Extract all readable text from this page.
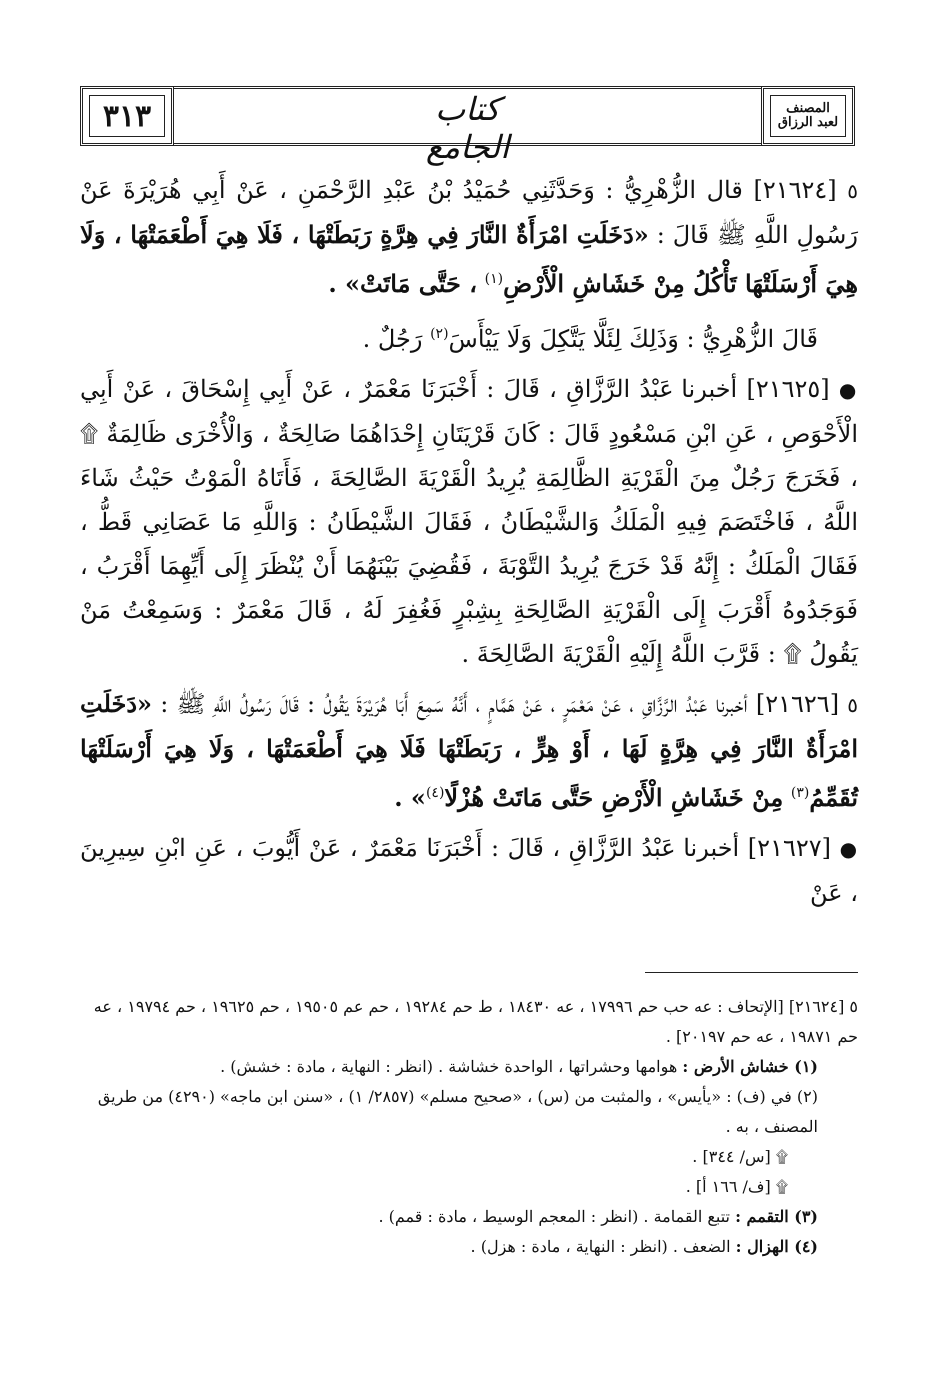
٣١٣	كتاب الجامع
المصنف
لعبد الرزاق

٥ [٢١٦٢٤] قال الزُّهْرِيُّ : وَحَدَّثَنِي حُمَيْدُ بْنُ عَبْدِ الرَّحْمَنِ ، عَنْ أَبِي هُرَيْرَةَ عَنْ رَسُولِ اللَّهِ ﷺ قَالَ : «دَخَلَتِ امْرَأَةٌ النَّارَ فِي هِرَّةٍ رَبَطَتْهَا ، فَلَا هِيَ أَطْعَمَتْهَا ، وَلَا هِيَ أَرْسَلَتْهَا تَأْكُلُ مِنْ خَشَاشِ الْأَرْضِ$^{(١)}$ ، حَتَّى مَاتَتْ» .

قَالَ الزُّهْرِيُّ : وَذَلِكَ لِئَلَّا يَتَّكِلَ وَلَا يَيْأَسَ$^{(٢)}$ رَجُلٌ .

● [٢١٦٢٥] أخبرنا عَبْدُ الرَّزَّاقِ ، قَالَ : أَخْبَرَنَا مَعْمَرٌ ، عَنْ أَبِي إِسْحَاقَ ، عَنْ أَبِي الْأَحْوَصِ ، عَنِ ابْنِ مَسْعُودٍ قَالَ : كَانَ قَرْيَتَانِ إِحْدَاهُمَا صَالِحَةٌ ، وَالْأُخْرَى ظَالِمَةٌ ۩ ، فَخَرَجَ رَجُلٌ مِنَ الْقَرْيَةِ الظَّالِمَةِ يُرِيدُ الْقَرْيَةَ الصَّالِحَةَ ، فَأَتَاهُ الْمَوْتُ حَيْثُ شَاءَ اللَّهُ ، فَاخْتَصَمَ فِيهِ الْمَلَكُ وَالشَّيْطَانُ ، فَقَالَ الشَّيْطَانُ : وَاللَّهِ مَا عَصَانِي قَطُّ ، فَقَالَ الْمَلَكُ : إِنَّهُ قَدْ خَرَجَ يُرِيدُ التَّوْبَةَ ، فَقُضِيَ بَيْنَهُمَا أَنْ يُنْظَرَ إِلَى أَيِّهِمَا أَقْرَبُ ، فَوَجَدُوهُ أَقْرَبَ إِلَى الْقَرْيَةِ الصَّالِحَةِ بِشِبْرٍ فَغُفِرَ لَهُ ، قَالَ مَعْمَرٌ : وَسَمِعْتُ مَنْ يَقُولُ ۩ : قَرَّبَ اللَّهُ إِلَيْهِ الْقَرْيَةَ الصَّالِحَةَ .

٥ [٢١٦٢٦] أخبرنا عَبْدُ الرَّزَّاقِ ، عَنْ مَعْمَرٍ ، عَنْ هَمَّامٍ ، أَنَّهُ سَمِعَ أَبَا هُرَيْرَةَ يَقُولُ : قَالَ رَسُولُ اللَّهِ ﷺ : «دَخَلَتِ امْرَأَةٌ النَّارَ فِي هِرَّةٍ لَهَا ، أَوْ هِرٍّ ، رَبَطَتْهَا فَلَا هِيَ أَطْعَمَتْهَا ، وَلَا هِيَ أَرْسَلَتْهَا تُقَمِّمُ$^{(٣)}$ مِنْ خَشَاشِ الْأَرْضِ حَتَّى مَاتَتْ هُزْلًا$^{(٤)}$» .

● [٢١٦٢٧] أخبرنا عَبْدُ الرَّزَّاقِ ، قَالَ : أَخْبَرَنَا مَعْمَرٌ ، عَنْ أَيُّوبَ ، عَنِ ابْنِ سِيرِينَ ، عَنْ

٥ [٢١٦٢٤] [الإتحاف : عه حب حم ١٧٩٩٦ ، عه ١٨٤٣٠ ، ط حم ١٩٢٨٤ ، حم عم ١٩٥٠٥ ، حم ١٩٦٢٥ ، حم ١٩٧٩٤ ، عه حم ١٩٨٧١ ، عه حم ٢٠١٩٧] .

(١) خشاش الأرض : هوامها وحشراتها ، الواحدة خشاشة . (انظر : النهاية ، مادة : خشش) .

(٢) في (ف) : «يأيس» ، والمثبت من (س) ، «صحيح مسلم» (٢٨٥٧/ ١) ، «سنن ابن ماجه» (٤٢٩٠) من طريق المصنف ، به .

۩ [س/ ٣٤٤] .

۩ [ف/ ١٦٦ أ] .

(٣) التقمم : تتبع القمامة . (انظر : المعجم الوسيط ، مادة : قمم) .

(٤) الهزال : الضعف . (انظر : النهاية ، مادة : هزل) .
